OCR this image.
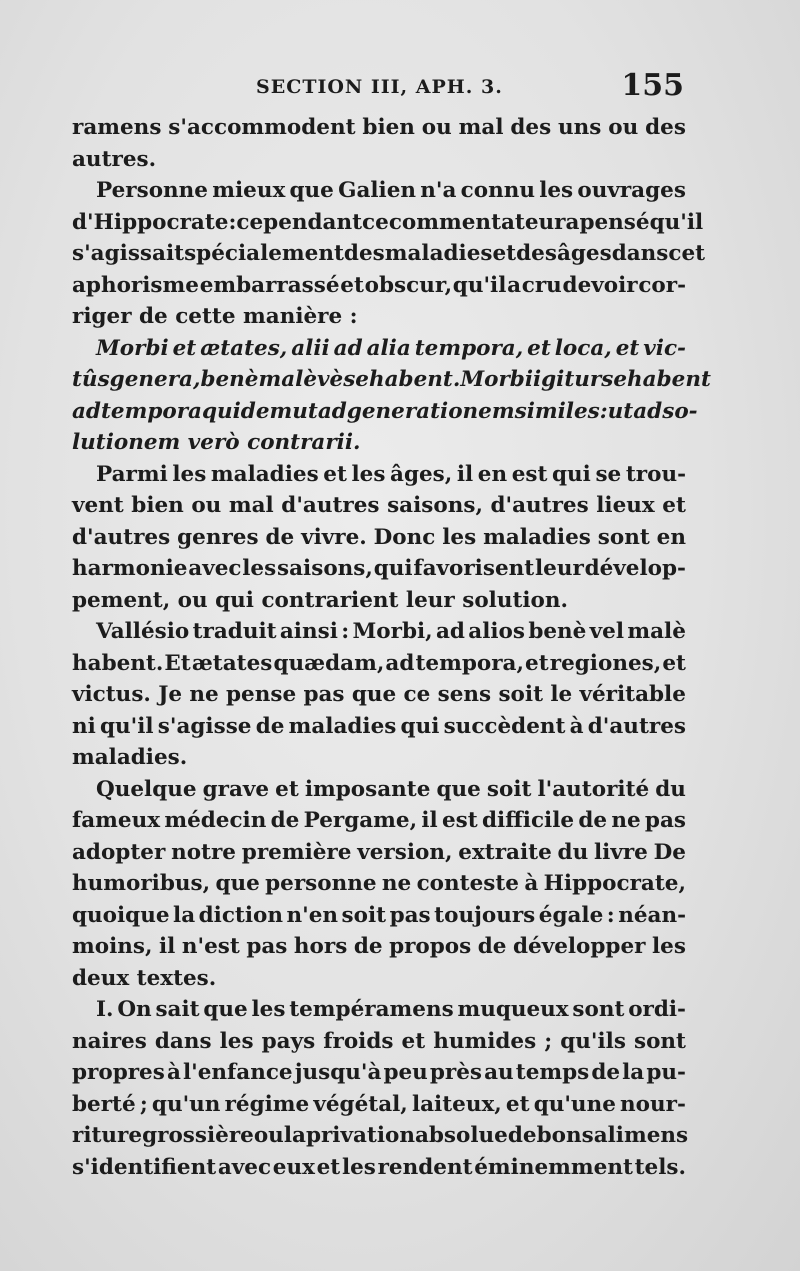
SECTION III, APH. 3.	155
ramens s'accommodent bien ou mal des uns ou des
autres.
Personne mieux que Galien n'a connu les ouvrages
d'Hippocrate : cependant ce commentateur a pensé qu'il
s'agissait spécialement des maladies et des âges dans cet
aphorisme embarrassé et obscur, qu'il a cru devoir cor-
riger de cette manière :
Morbi et ætates, alii ad alia tempora, et loca, et vic-
tûs genera, benè malèvè se habent. Morbi igitur se habent
ad tempora quidem ut ad generationem similes : ut ad so-
lutionem verò contrarii.
Parmi les maladies et les âges, il en est qui se trou-
vent bien ou mal d'autres saisons, d'autres lieux et
d'autres genres de vivre. Donc les maladies sont en
harmonie avec les saisons, qui favorisent leur dévelop-
pement, ou qui contrarient leur solution.
Vallésio traduit ainsi : Morbi, ad alios benè vel malè
habent. Et ætates quædam, ad tempora, et regiones, et
victus. Je ne pense pas que ce sens soit le véritable
ni qu'il s'agisse de maladies qui succèdent à d'autres
maladies.
Quelque grave et imposante que soit l'autorité du
fameux médecin de Pergame, il est difficile de ne pas
adopter notre première version, extraite du livre De
humoribus, que personne ne conteste à Hippocrate,
quoique la diction n'en soit pas toujours égale : néan-
moins, il n'est pas hors de propos de développer les
deux textes.
I. On sait que les tempéramens muqueux sont ordi-
naires dans les pays froids et humides ; qu'ils sont
propres à l'enfance jusqu'à peu près au temps de la pu-
berté ; qu'un régime végétal, laiteux, et qu'une nour-
riture grossière ou la privation absolue de bons alimens
s'identifient avec eux et les rendent éminemment tels.
